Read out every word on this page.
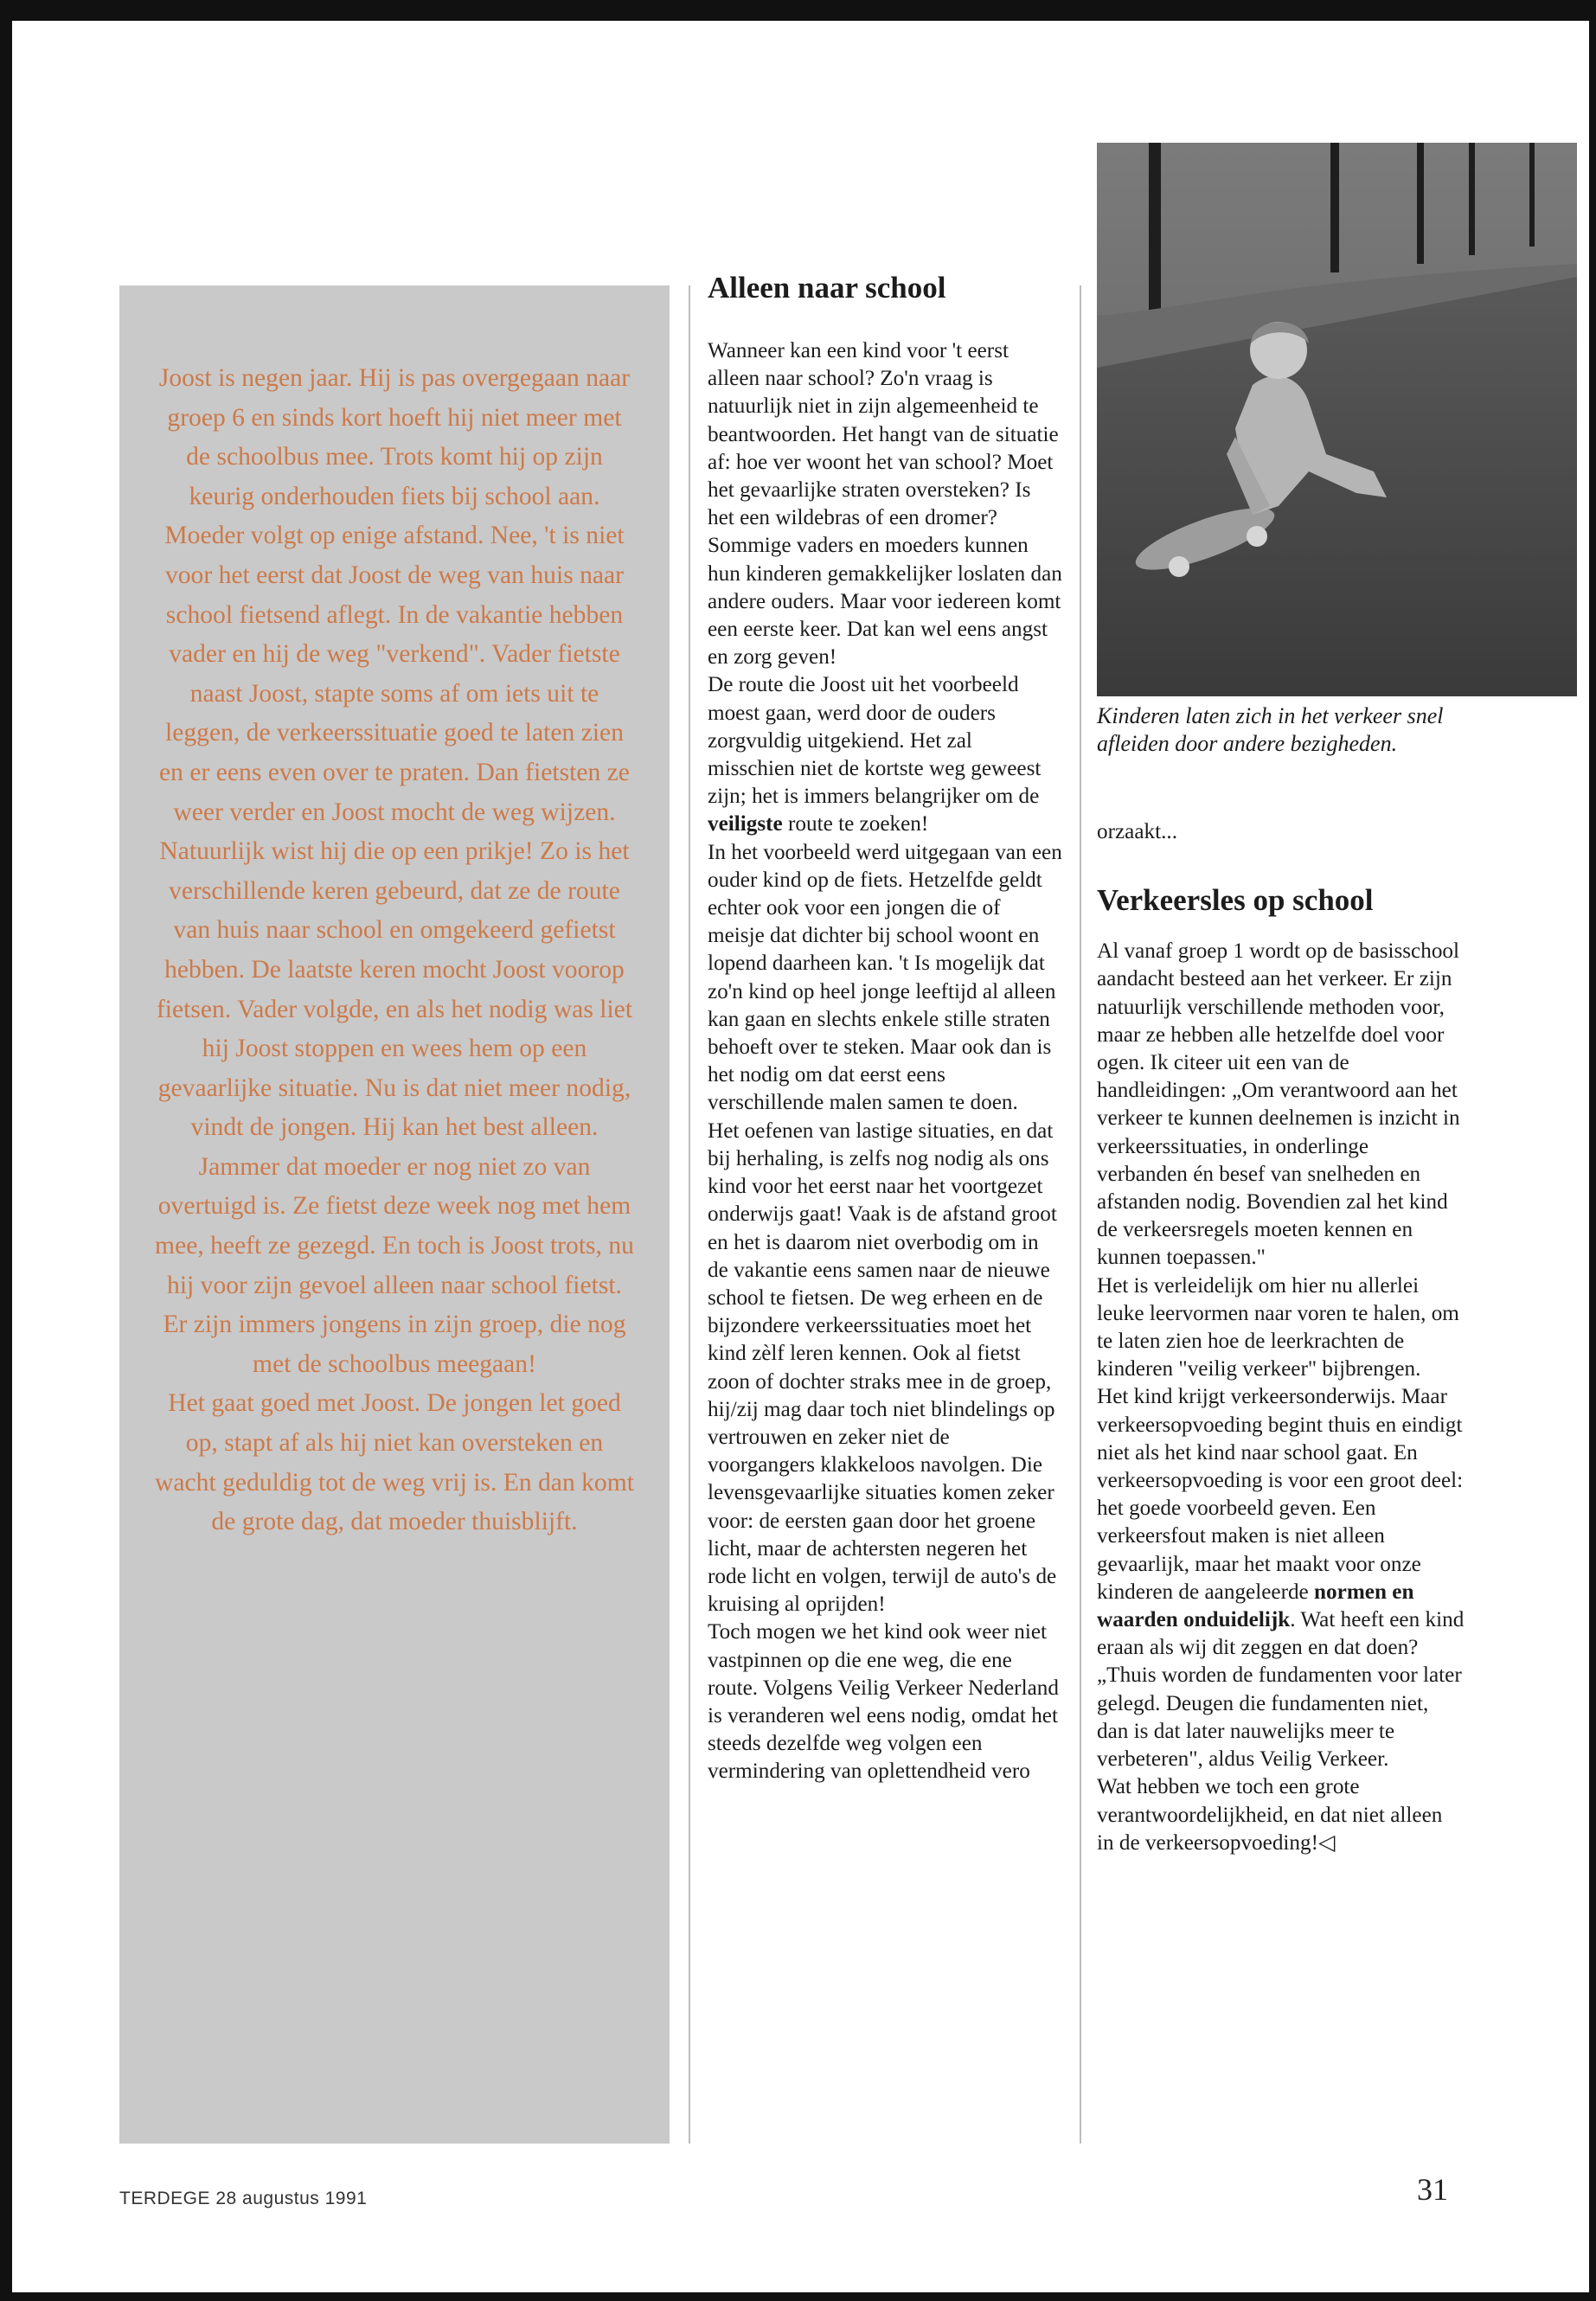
Joost is negen jaar. Hij is pas overgegaan naar groep 6 en sinds kort hoeft hij niet meer met de schoolbus mee. Trots komt hij op zijn keurig onderhouden fiets bij school aan. Moeder volgt op enige afstand. Nee, 't is niet voor het eerst dat Joost de weg van huis naar school fietsend aflegt. In de vakantie hebben vader en hij de weg "verkend". Vader fietste naast Joost, stapte soms af om iets uit te leggen, de verkeerssituatie goed te laten zien en er eens even over te praten. Dan fietsten ze weer verder en Joost mocht de weg wijzen. Natuurlijk wist hij die op een prikje! Zo is het verschillende keren gebeurd, dat ze de route van huis naar school en omgekeerd gefietst hebben. De laatste keren mocht Joost voorop fietsen. Vader volgde, en als het nodig was liet hij Joost stoppen en wees hem op een gevaarlijke situatie. Nu is dat niet meer nodig, vindt de jongen. Hij kan het best alleen. Jammer dat moeder er nog niet zo van overtuigd is. Ze fietst deze week nog met hem mee, heeft ze gezegd. En toch is Joost trots, nu hij voor zijn gevoel alleen naar school fietst. Er zijn immers jongens in zijn groep, die nog met de schoolbus meegaan!

Het gaat goed met Joost. De jongen let goed op, stapt af als hij niet kan oversteken en wacht geduldig tot de weg vrij is. En dan komt de grote dag, dat moeder thuisblijft.

Alleen naar school

Wanneer kan een kind voor 't eerst alleen naar school? Zo'n vraag is natuurlijk niet in zijn algemeenheid te beantwoorden. Het hangt van de situatie af: hoe ver woont het van school? Moet het gevaarlijke straten oversteken? Is het een wildebras of een dromer?

Sommige vaders en moeders kunnen hun kinderen gemakkelijker loslaten dan andere ouders. Maar voor iedereen komt een eerste keer. Dat kan wel eens angst en zorg geven!

De route die Joost uit het voorbeeld moest gaan, werd door de ouders zorgvuldig uitgekiend. Het zal misschien niet de kortste weg geweest zijn; het is immers belangrijker om de veiligste route te zoeken!

In het voorbeeld werd uitgegaan van een ouder kind op de fiets. Hetzelfde geldt echter ook voor een jongen die of meisje dat dichter bij school woont en lopend daarheen kan. 't Is mogelijk dat zo'n kind op heel jonge leeftijd al alleen kan gaan en slechts enkele stille straten behoeft over te steken. Maar ook dan is het nodig om dat eerst eens verschillende malen samen te doen.

Het oefenen van lastige situaties, en dat bij herhaling, is zelfs nog nodig als ons kind voor het eerst naar het voortgezet onderwijs gaat! Vaak is de afstand groot en het is daarom niet overbodig om in de vakantie eens samen naar de nieuwe school te fietsen. De weg erheen en de bijzondere verkeerssituaties moet het kind zèlf leren kennen. Ook al fietst zoon of dochter straks mee in de groep, hij/zij mag daar toch niet blindelings op vertrouwen en zeker niet de voorgangers klakkeloos navolgen. Die levensgevaarlijke situaties komen zeker voor: de eersten gaan door het groene licht, maar de achtersten negeren het rode licht en volgen, terwijl de auto's de kruising al oprijden!

Toch mogen we het kind ook weer niet vastpinnen op die ene weg, die ene route. Volgens Veilig Verkeer Nederland is veranderen wel eens nodig, omdat het steeds dezelfde weg volgen een vermindering van oplettendheid vero

Kinderen laten zich in het verkeer snel afleiden door andere bezigheden.

orzaakt...

Verkeersles op school

Al vanaf groep 1 wordt op de basisschool aandacht besteed aan het verkeer. Er zijn natuurlijk verschillende methoden voor, maar ze hebben alle hetzelfde doel voor ogen. Ik citeer uit een van de handleidingen: „Om verantwoord aan het verkeer te kunnen deelnemen is inzicht in verkeerssituaties, in onderlinge verbanden én besef van snelheden en afstanden nodig. Bovendien zal het kind de verkeersregels moeten kennen en kunnen toepassen."

Het is verleidelijk om hier nu allerlei leuke leervormen naar voren te halen, om te laten zien hoe de leerkrachten de kinderen "veilig verkeer" bijbrengen.

Het kind krijgt verkeersonderwijs. Maar verkeersopvoeding begint thuis en eindigt niet als het kind naar school gaat. En verkeersopvoeding is voor een groot deel: het goede voorbeeld geven. Een verkeersfout maken is niet alleen gevaarlijk, maar het maakt voor onze kinderen de aangeleerde normen en waarden onduidelijk. Wat heeft een kind eraan als wij dit zeggen en dat doen?

„Thuis worden de fundamenten voor later gelegd. Deugen die fundamenten niet, dan is dat later nauwelijks meer te verbeteren", aldus Veilig Verkeer.

Wat hebben we toch een grote verantwoordelijkheid, en dat niet alleen in de verkeersopvoeding!◁

TERDEGE 28 augustus 1991	31
